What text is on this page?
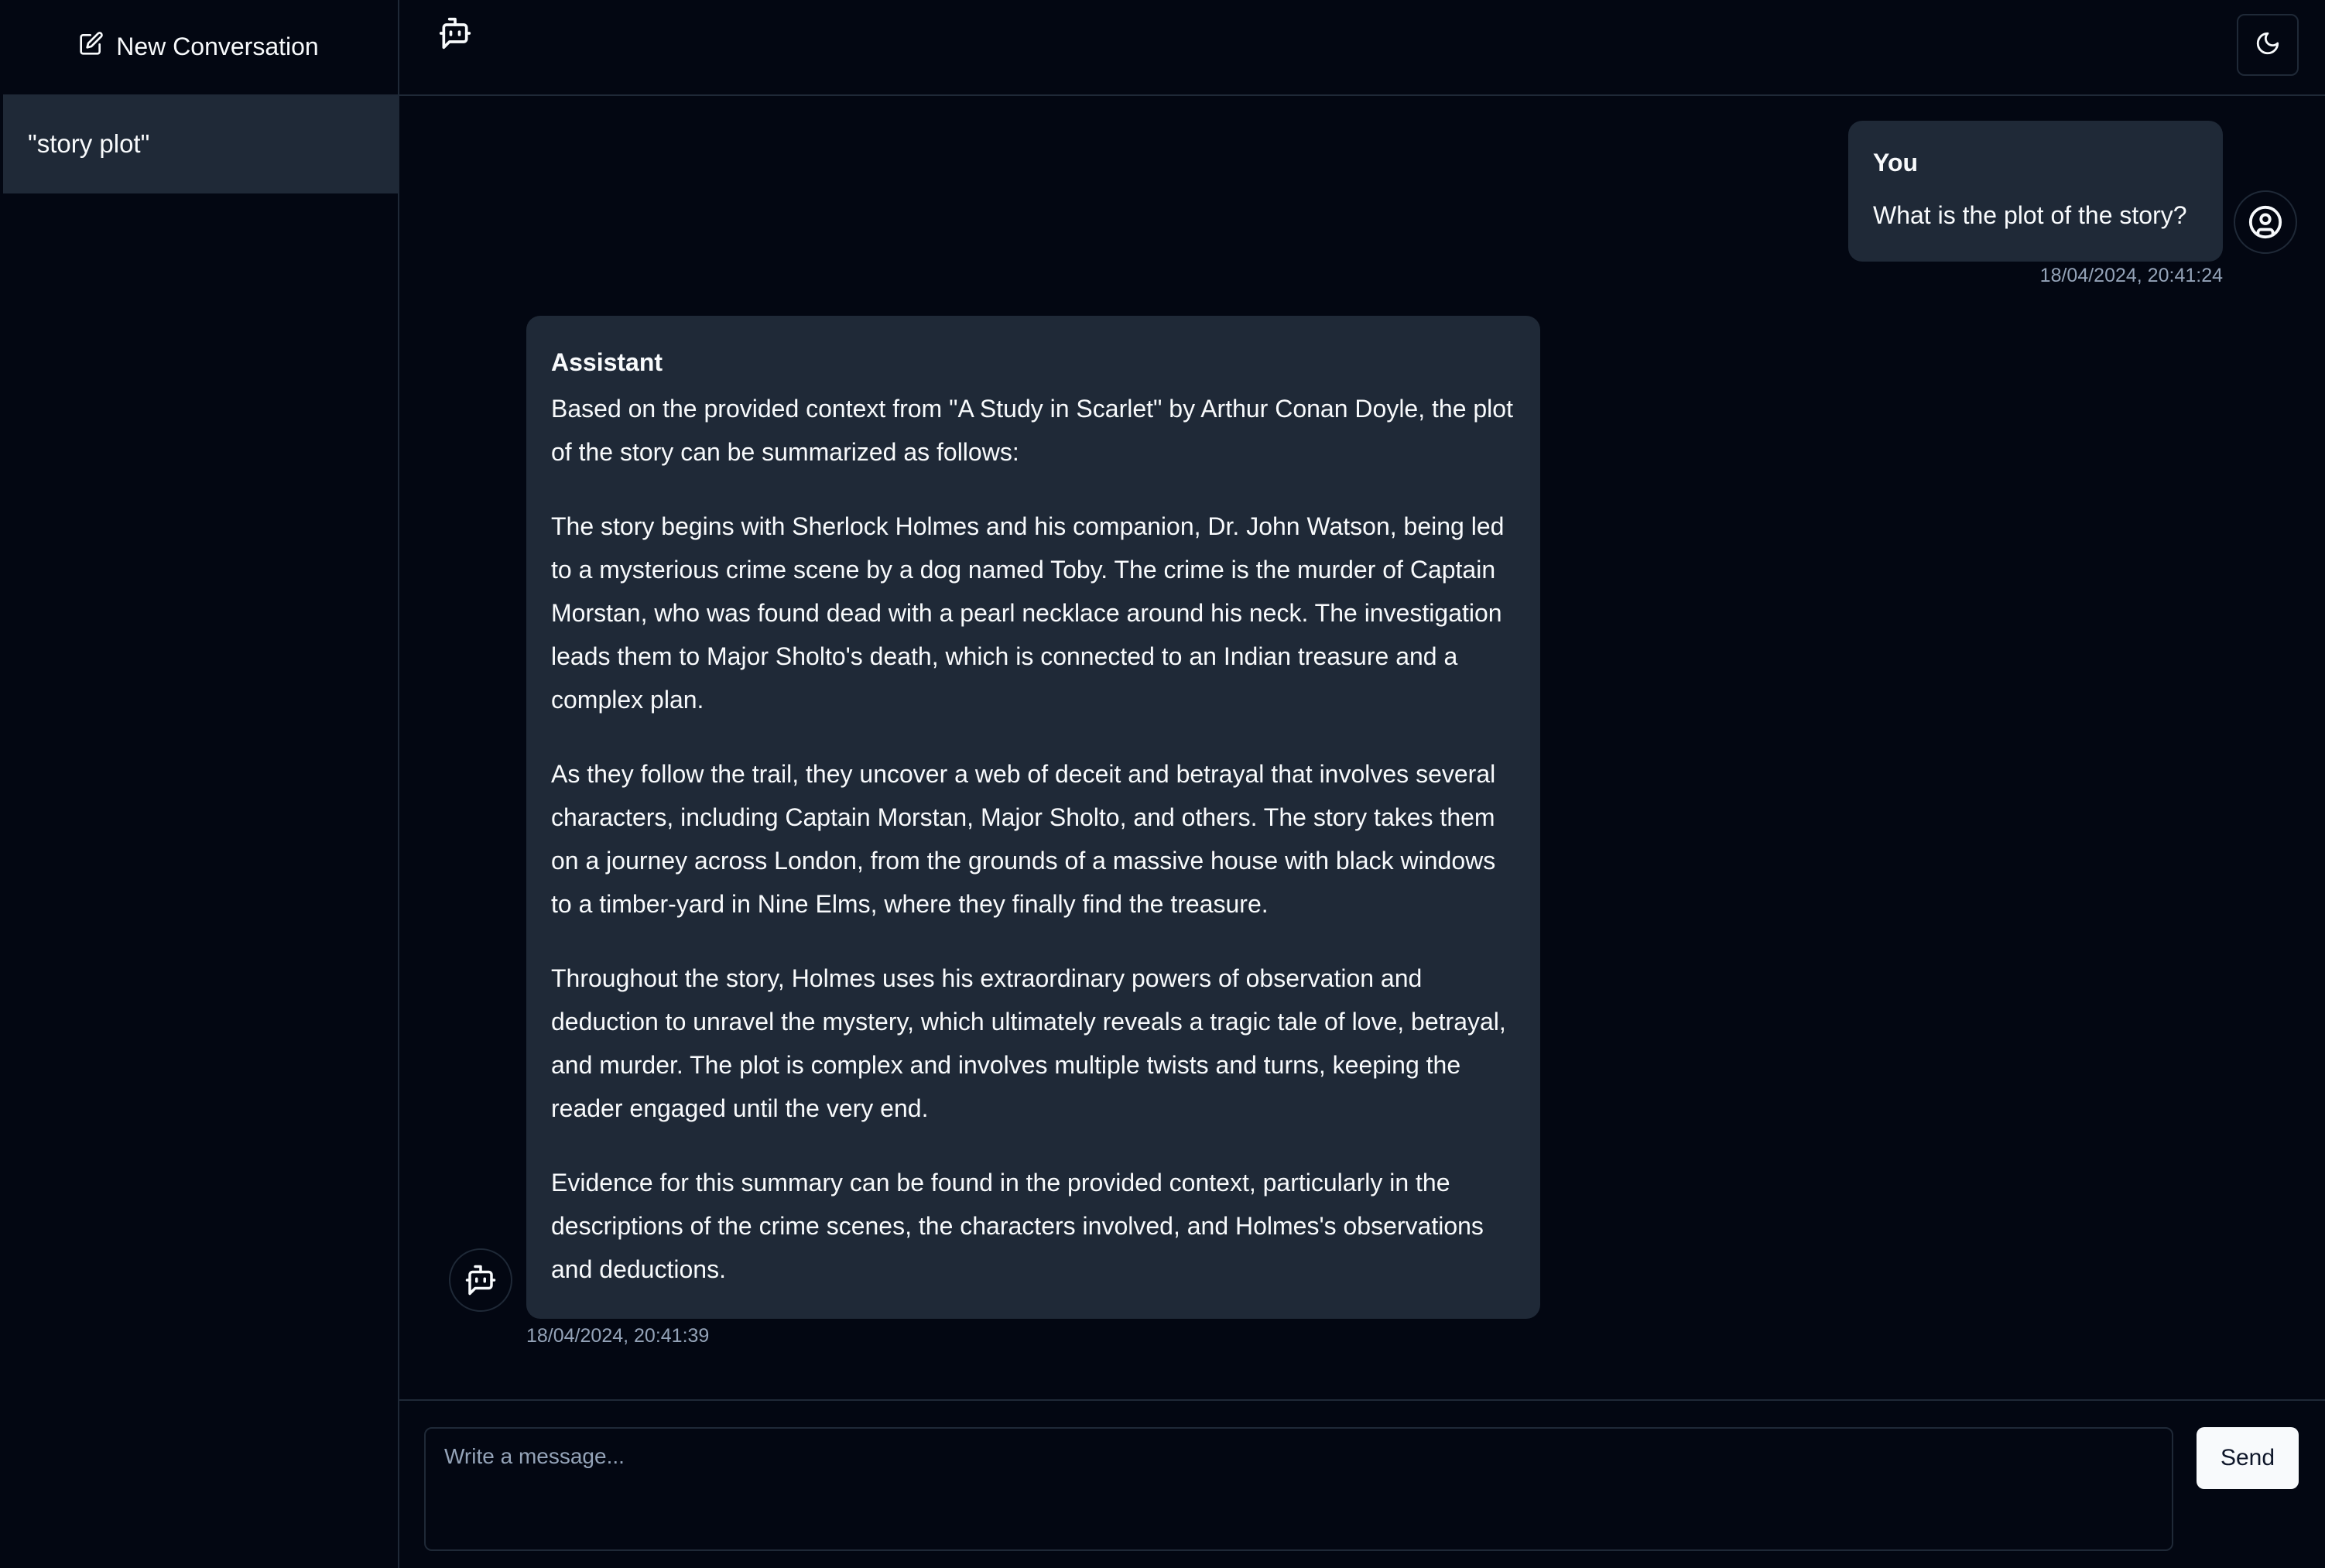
New Conversation
"story plot"
You
What is the plot of the story?
18/04/2024, 20:41:24
Assistant

Based on the provided context from "A Study in Scarlet" by Arthur Conan Doyle, the plot of the story can be summarized as follows:

The story begins with Sherlock Holmes and his companion, Dr. John Watson, being led to a mysterious crime scene by a dog named Toby. The crime is the murder of Captain Morstan, who was found dead with a pearl necklace around his neck. The investigation leads them to Major Sholto's death, which is connected to an Indian treasure and a complex plan.

As they follow the trail, they uncover a web of deceit and betrayal that involves several characters, including Captain Morstan, Major Sholto, and others. The story takes them on a journey across London, from the grounds of a massive house with black windows to a timber-yard in Nine Elms, where they finally find the treasure.

Throughout the story, Holmes uses his extraordinary powers of observation and deduction to unravel the mystery, which ultimately reveals a tragic tale of love, betrayal, and murder. The plot is complex and involves multiple twists and turns, keeping the reader engaged until the very end.

Evidence for this summary can be found in the provided context, particularly in the descriptions of the crime scenes, the characters involved, and Holmes's observations and deductions.

18/04/2024, 20:41:39
Write a message...
Send
